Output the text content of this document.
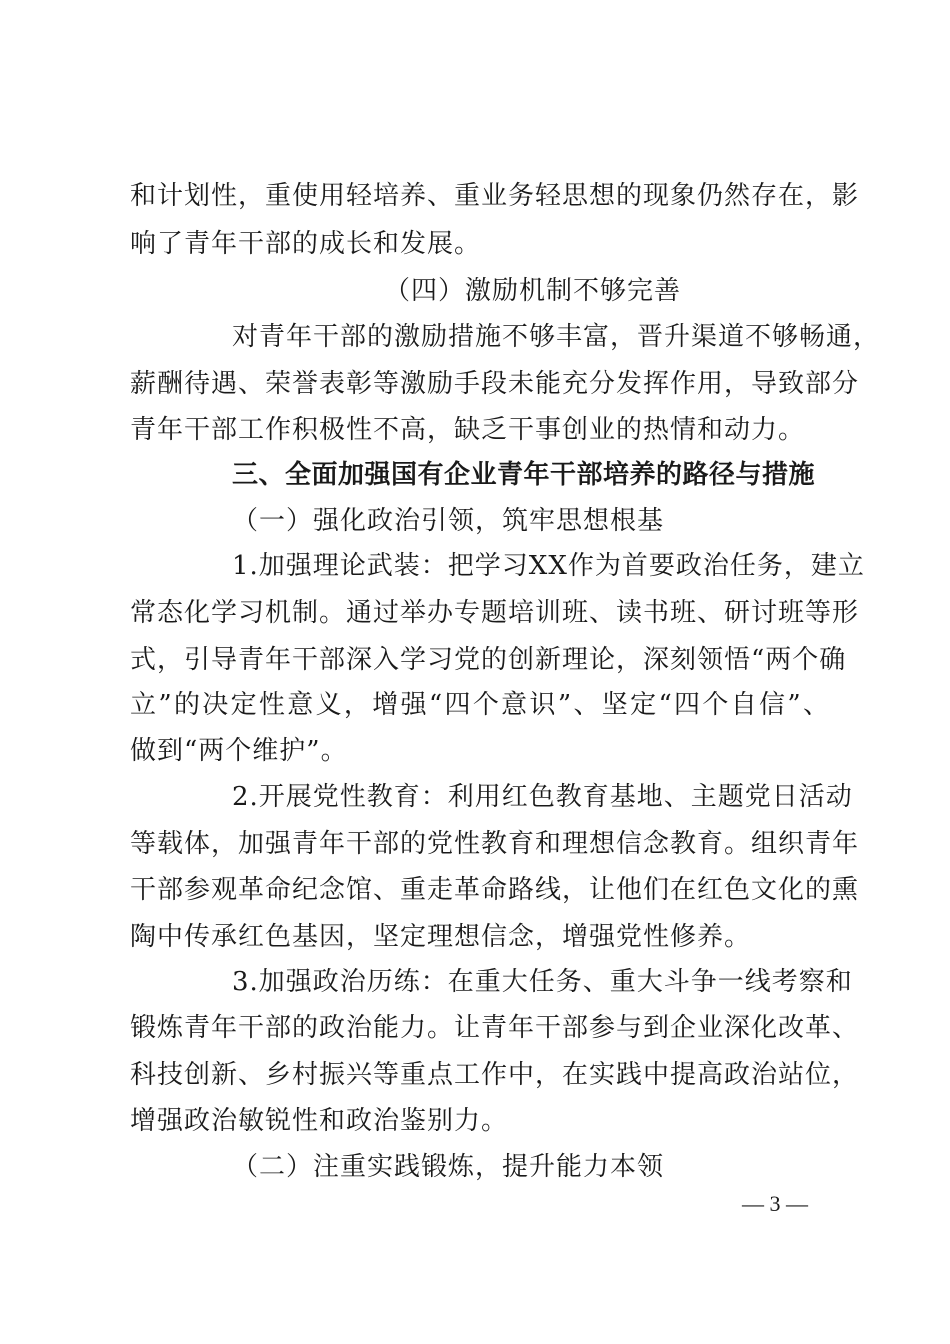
和计划性，重使用轻培养、重业务轻思想的现象仍然存在，影
响了青年干部的成长和发展。
（四）激励机制不够完善
对青年干部的激励措施不够丰富，晋升渠道不够畅通，
薪酬待遇、荣誉表彰等激励手段未能充分发挥作用，导致部分
青年干部工作积极性不高，缺乏干事创业的热情和动力。
三、全面加强国有企业青年干部培养的路径与措施
（一）强化政治引领，筑牢思想根基
1.加强理论武装：把学习XX作为首要政治任务，建立
常态化学习机制。通过举办专题培训班、读书班、研讨班等形
式，引导青年干部深入学习党的创新理论，深刻领悟“两个确
立”的决定性意义，增强“四个意识”、坚定“四个自信”、
做到“两个维护”。
2.开展党性教育：利用红色教育基地、主题党日活动
等载体，加强青年干部的党性教育和理想信念教育。组织青年
干部参观革命纪念馆、重走革命路线，让他们在红色文化的熏
陶中传承红色基因，坚定理想信念，增强党性修养。
3.加强政治历练：在重大任务、重大斗争一线考察和
锻炼青年干部的政治能力。让青年干部参与到企业深化改革、
科技创新、乡村振兴等重点工作中，在实践中提高政治站位，
增强政治敏锐性和政治鉴别力。
（二）注重实践锻炼，提升能力本领
— 3 —
